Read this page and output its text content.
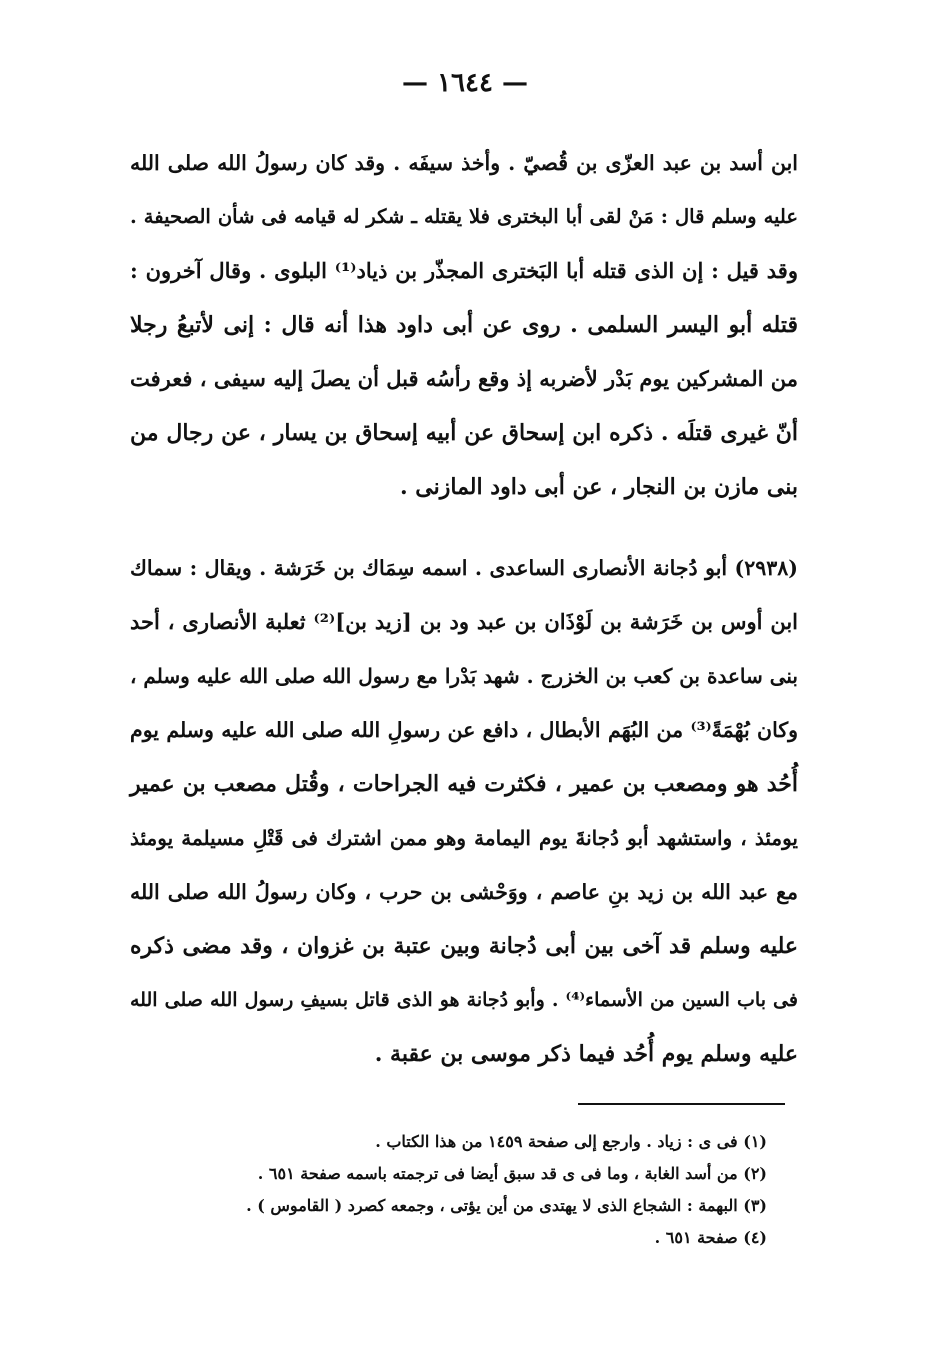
— ١٦٤٤ —
ابن أسد بن عبد العزّى بن قُصيّ . وأخذ سيفَه . وقد كان رسولُ الله صلى الله
عليه وسلم قال : مَنْ لقى أبا البخترى فلا يقتله ـ شكر له قيامه فى شأن الصحيفة .
وقد قيل : إن الذى قتله أبا البَخترى المجذّر بن ذياد⁽¹⁾ البلوى . وقال آخرون :
قتله أبو اليسر السلمى . روى عن أبى داود هذا أنه قال : إنى لأتبعُ رجلا
من المشركين يوم بَدْر لأضربه إذ وقع رأسُه قبل أن يصلَ إليه سيفى ، فعرفت
أنّ غيرى قتلَه . ذكره ابن إسحاق عن أبيه إسحاق بن يسار ، عن رجال من
بنى مازن بن النجار ، عن أبى داود المازنى .
(٢٩٣٨) أبو دُجانة الأنصارى الساعدى . اسمه سِمَاك بن خَرَشة . ويقال : سماك
ابن أوس بن خَرَشة بن لَوْذَان بن عبد ود بن [زيد بن]⁽²⁾ ثعلبة الأنصارى ، أحد
بنى ساعدة بن كعب بن الخزرج . شهد بَدْرا مع رسول الله صلى الله عليه وسلم ،
وكان بُهْمَةً⁽³⁾ من البُهَم الأبطال ، دافع عن رسولِ الله صلى الله عليه وسلم يوم
أُحُد هو ومصعب بن عمير ، فكثرت فيه الجراحات ، وقُتل مصعب بن عمير
يومئذ ، واستشهد أبو دُجانةَ يوم اليمامة وهو ممن اشترك فى قَتْلِ مسيلمة يومئذ
مع عبد الله بن زيد بنِ عاصم ، ووَحْشى بن حرب ، وكان رسولُ الله صلى الله
عليه وسلم قد آخى بين أبى دُجانة وبين عتبة بن غزوان ، وقد مضى ذكره
فى باب السين من الأسماء⁽⁴⁾ . وأبو دُجانة هو الذى قاتل بسيفِ رسول الله صلى الله
عليه وسلم يوم أُحُد فيما ذكر موسى بن عقبة .
(١) فى ى : زياد . وارجع إلى صفحة ١٤٥٩ من هذا الكتاب .
(٢) من أسد الغابة ، وما فى ى قد سبق أيضا فى ترجمته باسمه صفحة ٦٥١ .
(٣) البهمة : الشجاع الذى لا يهتدى من أين يؤتى ، وجمعه كصرد ( القاموس ) .
(٤) صفحة ٦٥١ .
